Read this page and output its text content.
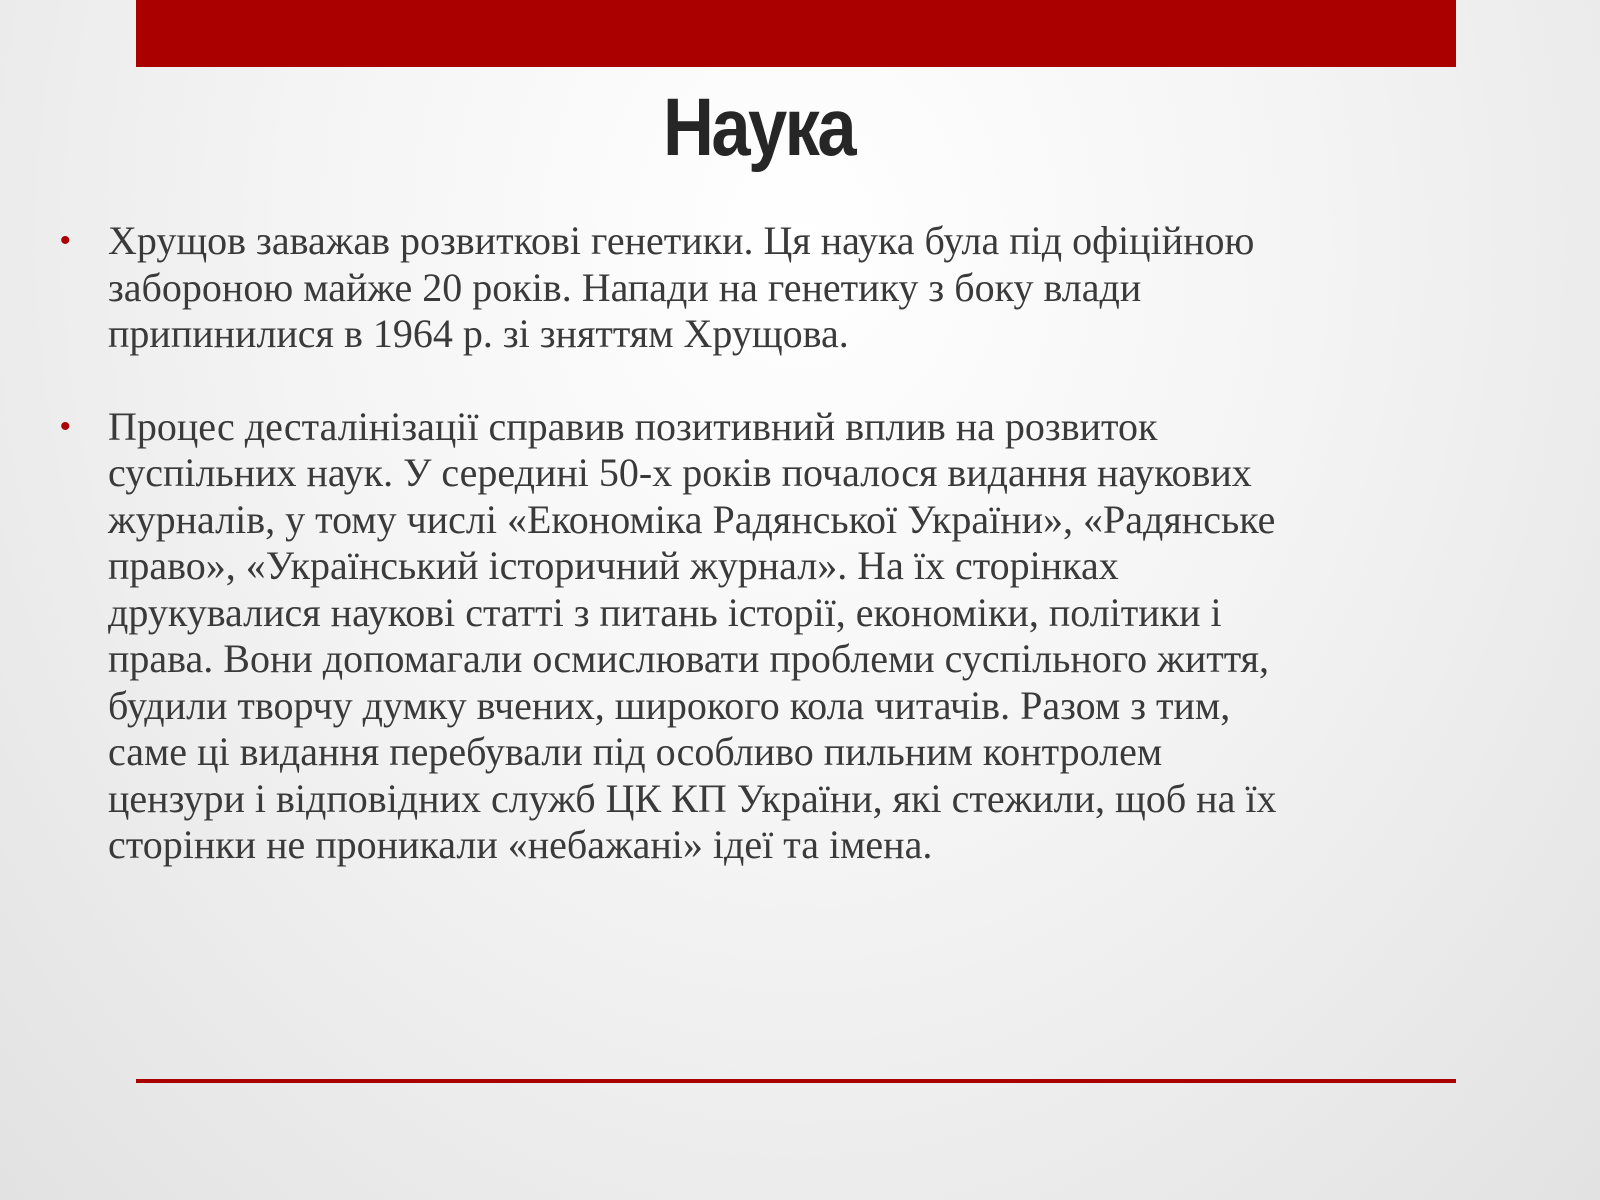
Наука
• Хрущов заважав розвиткові генетики. Ця наука була під офіційною
забороною майже 20 років. Напади на генетику з боку влади
припинилися в 1964 р. зі зняттям Хрущова.
• Процес десталінізації справив позитивний вплив на розвиток
суспільних наук. У середині 50-х років почалося видання наукових
журналів, у тому числі «Економіка Радянської України», «Радянське
право», «Український історичний журнал». На їх сторінках
друкувалися наукові статті з питань історії, економіки, політики і
права. Вони допомагали осмислювати проблеми суспільного життя,
будили творчу думку вчених, широкого кола читачів. Разом з тим,
саме ці видання перебували під особливо пильним контролем
цензури і відповідних служб ЦК КП України, які стежили, щоб на їх
сторінки не проникали «небажані» ідеї та імена.
